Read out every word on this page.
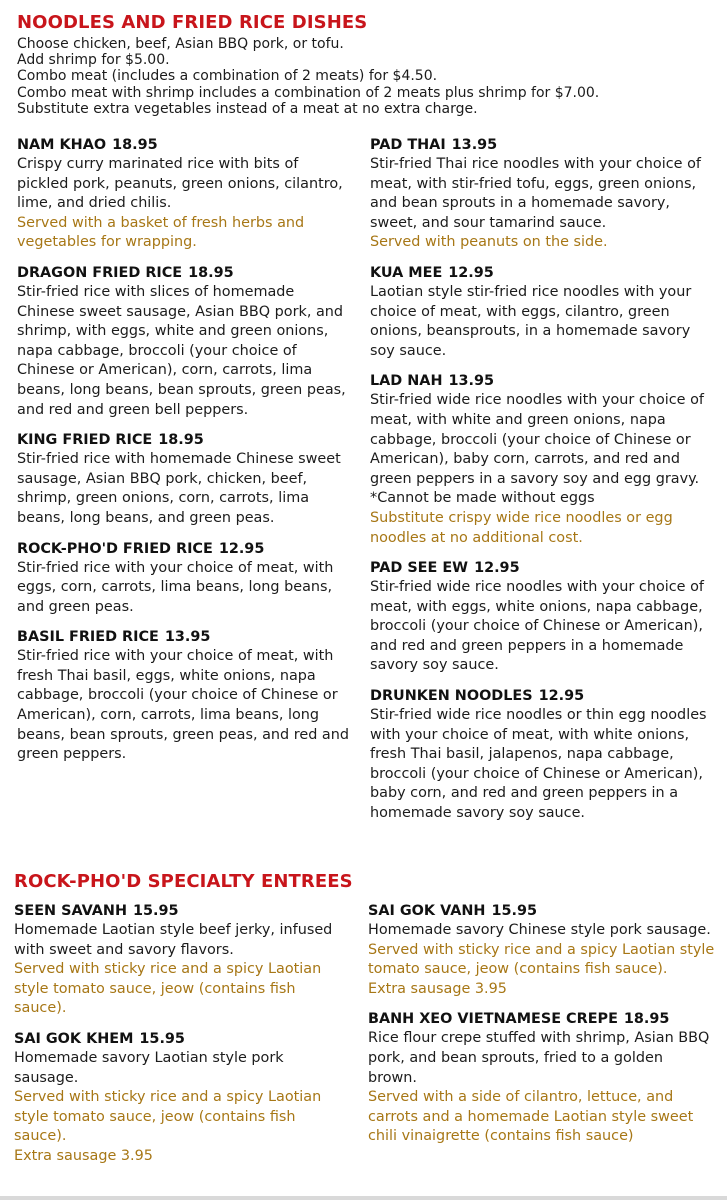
NOODLES AND FRIED RICE DISHES
Choose chicken, beef, Asian BBQ pork, or tofu.
Add shrimp for $5.00.
Combo meat (includes a combination of 2 meats) for $4.50.
Combo meat with shrimp includes a combination of 2 meats plus shrimp for $7.00.
Substitute extra vegetables instead of a meat at no extra charge.
NAM KHAO 18.95
Crispy curry marinated rice with bits of pickled pork, peanuts, green onions, cilantro, lime, and dried chilis.
Served with a basket of fresh herbs and vegetables for wrapping.
DRAGON FRIED RICE 18.95
Stir-fried rice with slices of homemade Chinese sweet sausage, Asian BBQ pork, and shrimp, with eggs, white and green onions, napa cabbage, broccoli (your choice of Chinese or American), corn, carrots, lima beans, long beans, bean sprouts, green peas, and red and green bell peppers.
KING FRIED RICE 18.95
Stir-fried rice with homemade Chinese sweet sausage, Asian BBQ pork, chicken, beef, shrimp, green onions, corn, carrots, lima beans, long beans, and green peas.
ROCK-PHO'D FRIED RICE 12.95
Stir-fried rice with your choice of meat, with eggs, corn, carrots, lima beans, long beans, and green peas.
BASIL FRIED RICE 13.95
Stir-fried rice with your choice of meat, with fresh Thai basil, eggs, white onions, napa cabbage, broccoli (your choice of Chinese or American), corn, carrots, lima beans, long beans, bean sprouts, green peas, and red and green peppers.
PAD THAI 13.95
Stir-fried Thai rice noodles with your choice of meat, with stir-fried tofu, eggs, green onions, and bean sprouts in a homemade savory, sweet, and sour tamarind sauce.
Served with peanuts on the side.
KUA MEE 12.95
Laotian style stir-fried rice noodles with your choice of meat, with eggs, cilantro, green onions, beansprouts, in a homemade savory soy sauce.
LAD NAH 13.95
Stir-fried wide rice noodles with your choice of meat, with white and green onions, napa cabbage, broccoli (your choice of Chinese or American), baby corn, carrots, and red and green peppers in a savory soy and egg gravy.
*Cannot be made without eggs
Substitute crispy wide rice noodles or egg noodles at no additional cost.
PAD SEE EW 12.95
Stir-fried wide rice noodles with your choice of meat, with eggs, white onions, napa cabbage, broccoli (your choice of Chinese or American), and red and green peppers in a homemade savory soy sauce.
DRUNKEN NOODLES 12.95
Stir-fried wide rice noodles or thin egg noodles with your choice of meat, with white onions, fresh Thai basil, jalapenos, napa cabbage, broccoli (your choice of Chinese or American), baby corn, and red and green peppers in a homemade savory soy sauce.
ROCK-PHO'D SPECIALTY ENTREES
SEEN SAVANH 15.95
Homemade Laotian style beef jerky, infused with sweet and savory flavors.
Served with sticky rice and a spicy Laotian style tomato sauce, jeow (contains fish sauce).
SAI GOK KHEM 15.95
Homemade savory Laotian style pork sausage.
Served with sticky rice and a spicy Laotian style tomato sauce, jeow (contains fish sauce).
Extra sausage 3.95
SAI GOK VANH 15.95
Homemade savory Chinese style pork sausage.
Served with sticky rice and a spicy Laotian style tomato sauce, jeow (contains fish sauce).
Extra sausage 3.95
BANH XEO VIETNAMESE CREPE 18.95
Rice flour crepe stuffed with shrimp, Asian BBQ pork, and bean sprouts, fried to a golden brown.
Served with a side of cilantro, lettuce, and carrots and a homemade Laotian style sweet chili vinaigrette (contains fish sauce)
